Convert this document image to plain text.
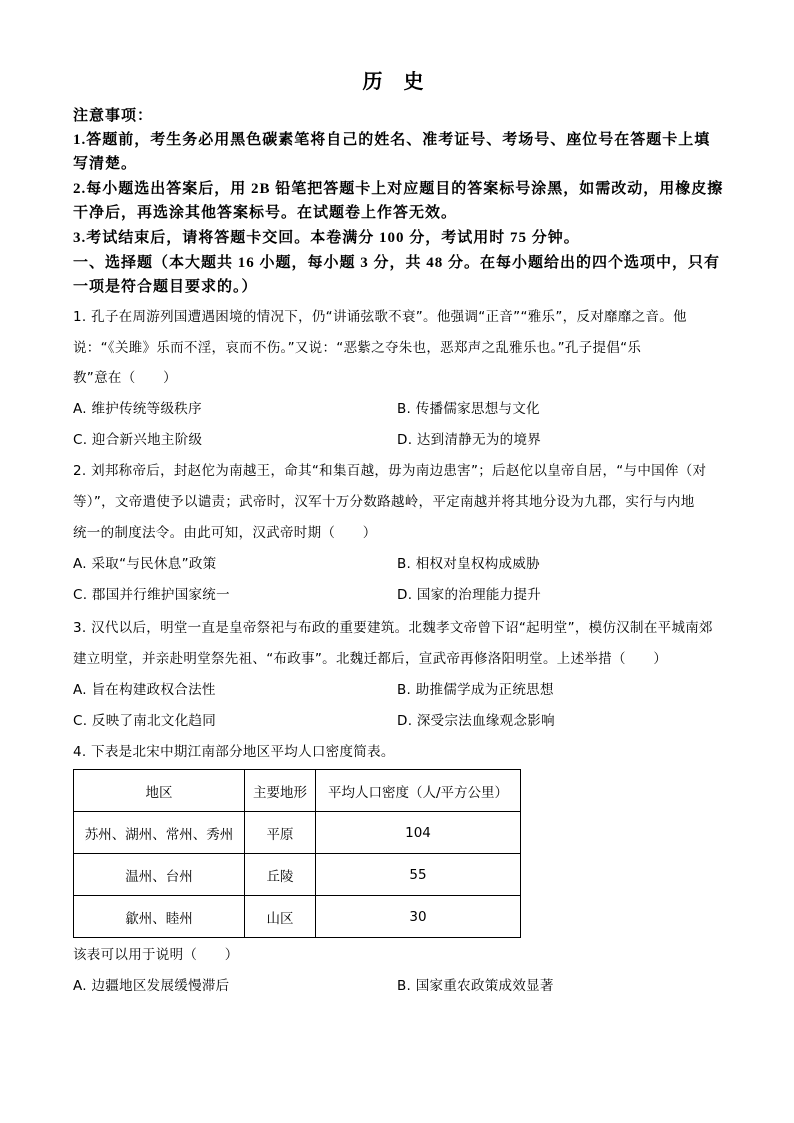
历 史
注意事项：
1.答题前，考生务必用黑色碳素笔将自己的姓名、准考证号、考场号、座位号在答题卡上填
写清楚。
2.每小题选出答案后，用 2B 铅笔把答题卡上对应题目的答案标号涂黑，如需改动，用橡皮擦
干净后，再选涂其他答案标号。在试题卷上作答无效。
3.考试结束后，请将答题卡交回。本卷满分 100 分，考试用时 75 分钟。
一、选择题（本大题共 16 小题，每小题 3 分，共 48 分。在每小题给出的四个选项中，只有
一项是符合题目要求的。）
1. 孔子在周游列国遭遇困境的情况下，仍“讲诵弦歌不衰”。他强调“正音”“雅乐”，反对靡靡之音。他
说：“《关雎》乐而不淫，哀而不伤。”又说：“恶紫之夺朱也，恶郑声之乱雅乐也。”孔子提倡“乐
教”意在（　　）
A. 维护传统等级秩序	B. 传播儒家思想与文化
C. 迎合新兴地主阶级	D. 达到清静无为的境界
2. 刘邦称帝后，封赵佗为南越王，命其“和集百越，毋为南边患害”；后赵佗以皇帝自居，“与中国侔（对
等）”，文帝遣使予以谴责；武帝时，汉军十万分数路越岭，平定南越并将其地分设为九郡，实行与内地
统一的制度法令。由此可知，汉武帝时期（　　）
A. 采取“与民休息”政策	B. 相权对皇权构成威胁
C. 郡国并行维护国家统一	D. 国家的治理能力提升
3. 汉代以后，明堂一直是皇帝祭祀与布政的重要建筑。北魏孝文帝曾下诏“起明堂”，模仿汉制在平城南郊
建立明堂，并亲赴明堂祭先祖、“布政事”。北魏迁都后，宣武帝再修洛阳明堂。上述举措（　　）
A. 旨在构建政权合法性	B. 助推儒学成为正统思想
C. 反映了南北文化趋同	D. 深受宗法血缘观念影响
4. 下表是北宋中期江南部分地区平均人口密度简表。
地区	主要地形	平均人口密度（人/平方公里）
苏州、湖州、常州、秀州	平原	104
温州、台州	丘陵	55
歙州、睦州	山区	30
该表可以用于说明（　　）
A. 边疆地区发展缓慢滞后	B. 国家重农政策成效显著
